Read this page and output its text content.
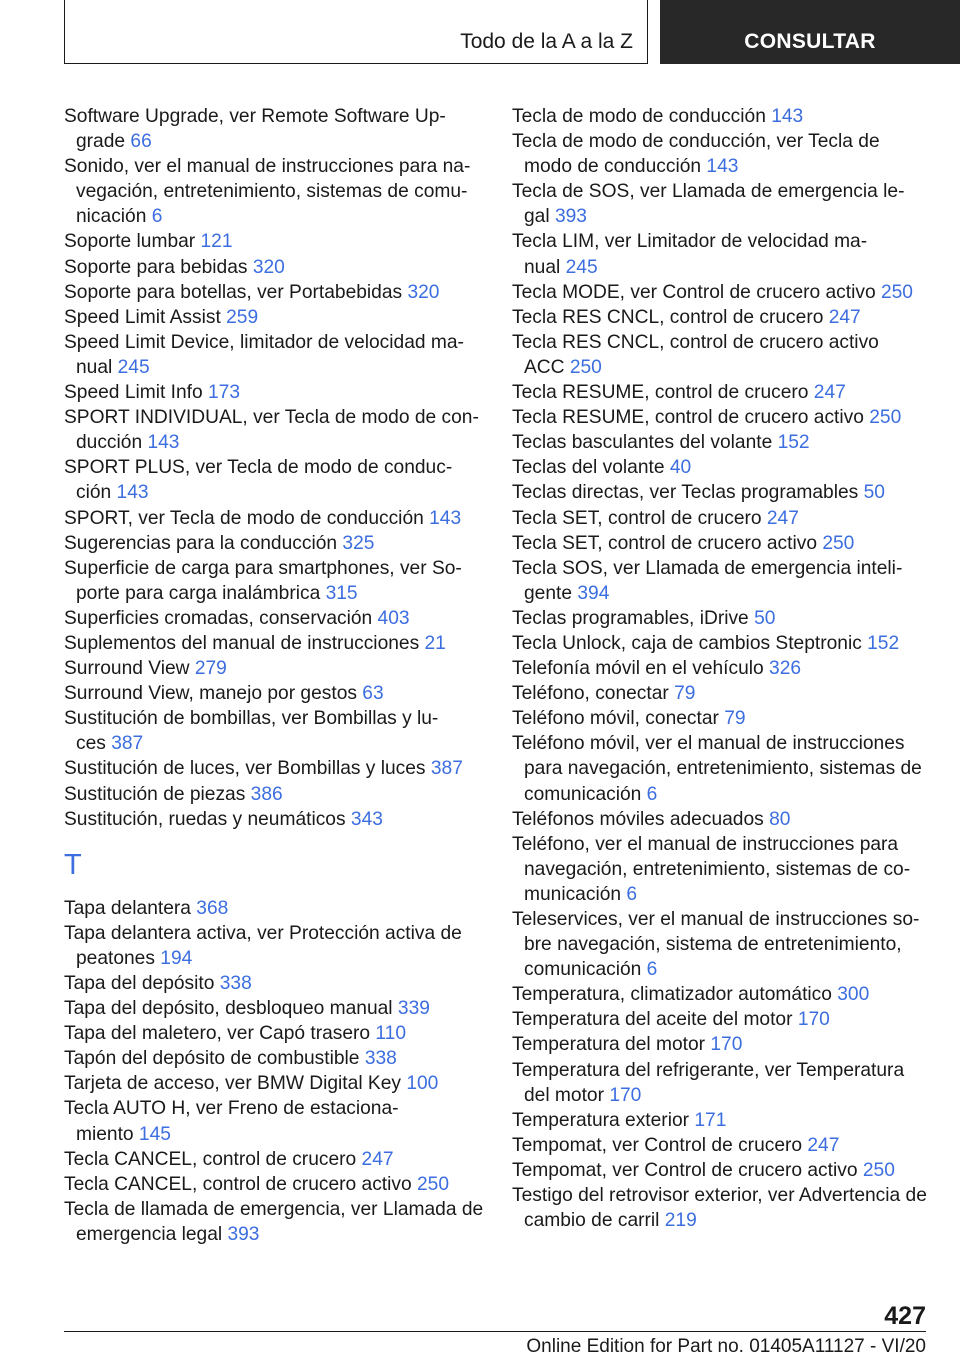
Todo de la A a la Z	CONSULTAR
Software Upgrade, ver Remote Software Up‐
grade 66
Sonido, ver el manual de instrucciones para na‐
vegación, entretenimiento, sistemas de comu‐
nicación 6
Soporte lumbar 121
Soporte para bebidas 320
Soporte para botellas, ver Portabebidas 320
Speed Limit Assist 259
Speed Limit Device, limitador de velocidad ma‐
nual 245
Speed Limit Info 173
SPORT INDIVIDUAL, ver Tecla de modo de con‐
ducción 143
SPORT PLUS, ver Tecla de modo de conduc‐
ción 143
SPORT, ver Tecla de modo de conducción 143
Sugerencias para la conducción 325
Superficie de carga para smartphones, ver So‐
porte para carga inalámbrica 315
Superficies cromadas, conservación 403
Suplementos del manual de instrucciones 21
Surround View 279
Surround View, manejo por gestos 63
Sustitución de bombillas, ver Bombillas y lu‐
ces 387
Sustitución de luces, ver Bombillas y luces 387
Sustitución de piezas 386
Sustitución, ruedas y neumáticos 343
T
Tapa delantera 368
Tapa delantera activa, ver Protección activa de
peatones 194
Tapa del depósito 338
Tapa del depósito, desbloqueo manual 339
Tapa del maletero, ver Capó trasero 110
Tapón del depósito de combustible 338
Tarjeta de acceso, ver BMW Digital Key 100
Tecla AUTO H, ver Freno de estaciona‐
miento 145
Tecla CANCEL, control de crucero 247
Tecla CANCEL, control de crucero activo 250
Tecla de llamada de emergencia, ver Llamada de
emergencia legal 393
Tecla de modo de conducción 143
Tecla de modo de conducción, ver Tecla de
modo de conducción 143
Tecla de SOS, ver Llamada de emergencia le‐
gal 393
Tecla LIM, ver Limitador de velocidad ma‐
nual 245
Tecla MODE, ver Control de crucero activo 250
Tecla RES CNCL, control de crucero 247
Tecla RES CNCL, control de crucero activo
ACC 250
Tecla RESUME, control de crucero 247
Tecla RESUME, control de crucero activo 250
Teclas basculantes del volante 152
Teclas del volante 40
Teclas directas, ver Teclas programables 50
Tecla SET, control de crucero 247
Tecla SET, control de crucero activo 250
Tecla SOS, ver Llamada de emergencia inteli‐
gente 394
Teclas programables, iDrive 50
Tecla Unlock, caja de cambios Steptronic 152
Telefonía móvil en el vehículo 326
Teléfono, conectar 79
Teléfono móvil, conectar 79
Teléfono móvil, ver el manual de instrucciones
para navegación, entretenimiento, sistemas de
comunicación 6
Teléfonos móviles adecuados 80
Teléfono, ver el manual de instrucciones para
navegación, entretenimiento, sistemas de co‐
municación 6
Teleservices, ver el manual de instrucciones so‐
bre navegación, sistema de entretenimiento,
comunicación 6
Temperatura, climatizador automático 300
Temperatura del aceite del motor 170
Temperatura del motor 170
Temperatura del refrigerante, ver Temperatura
del motor 170
Temperatura exterior 171
Tempomat, ver Control de crucero 247
Tempomat, ver Control de crucero activo 250
Testigo del retrovisor exterior, ver Advertencia de
cambio de carril 219
427
Online Edition for Part no. 01405A11127 - VI/20
